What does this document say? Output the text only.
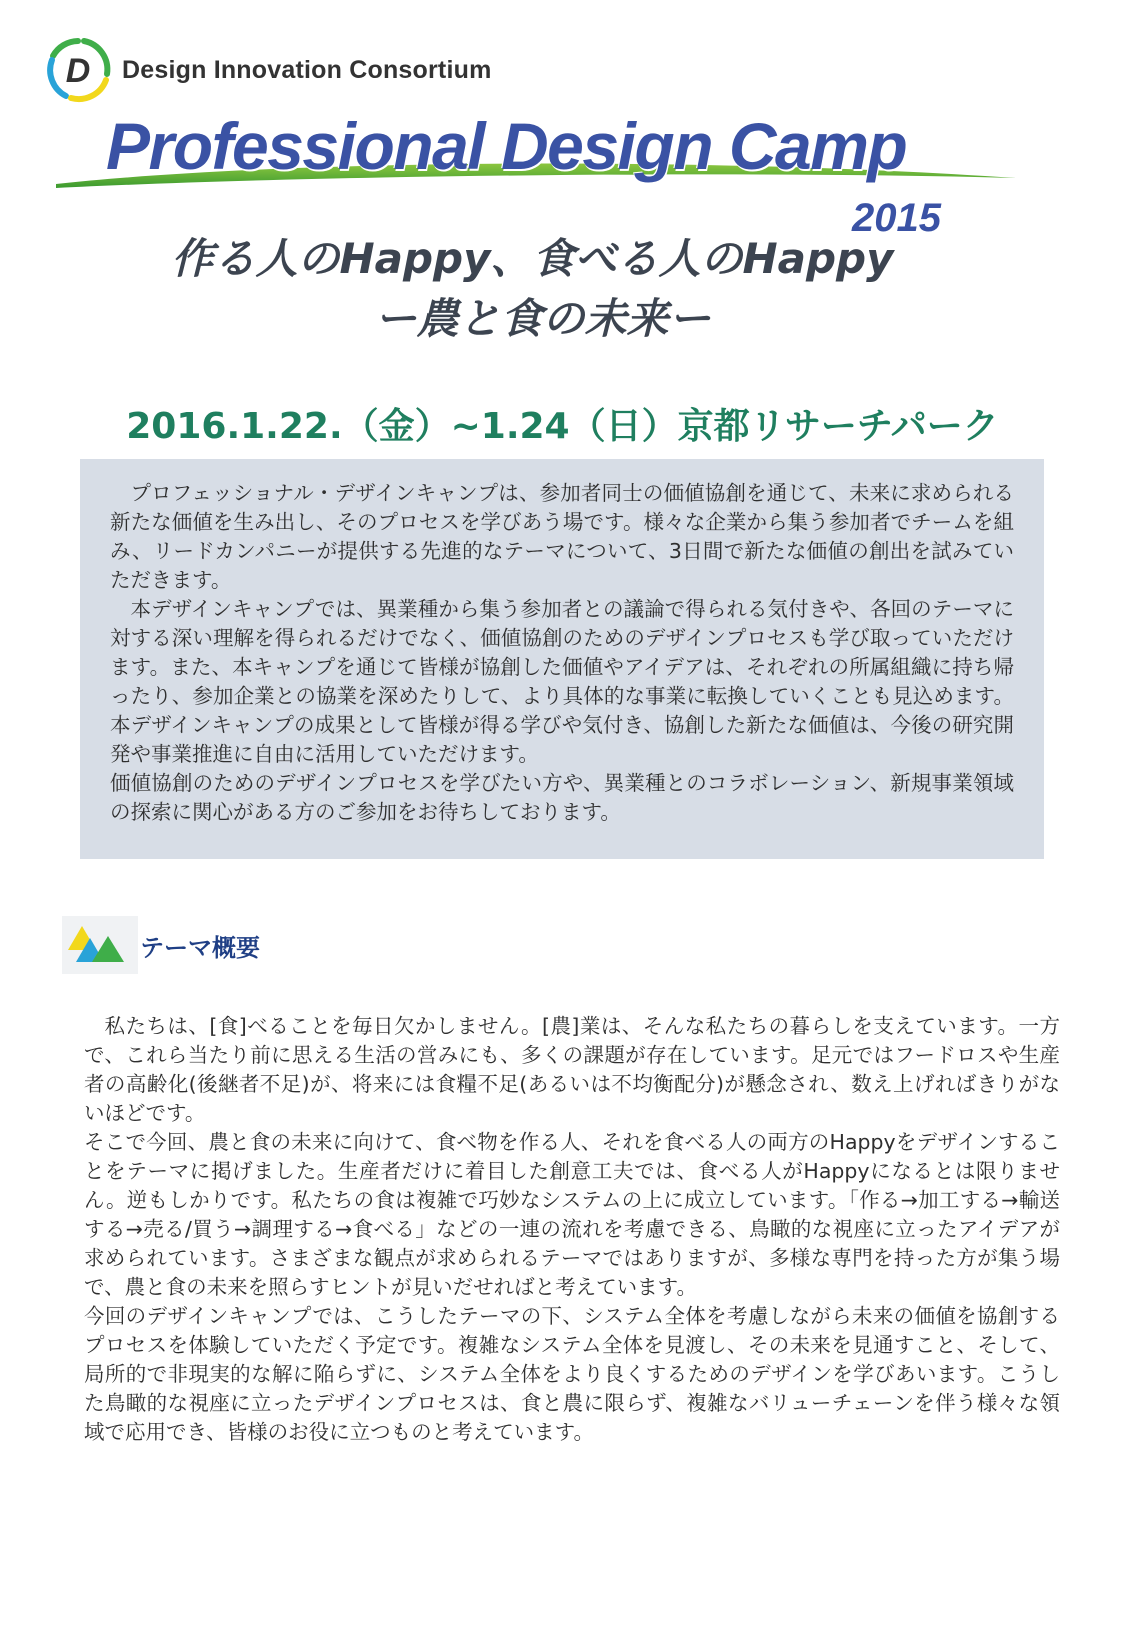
D Design Innovation Consortium
Professional Design Camp
2015
作る人のHappy、食べる人のHappy
ー農と食の未来ー
2016.1.22.（金）~1.24（日）京都リサーチパーク

プロフェッショナル・デザインキャンプは、参加者同士の価値協創を通じて、未来に求められる新たな価値を生み出し、そのプロセスを学びあう場です。様々な企業から集う参加者でチームを組み、リードカンパニーが提供する先進的なテーマについて、3日間で新たな価値の創出を試みていただきます。

本デザインキャンプでは、異業種から集う参加者との議論で得られる気付きや、各回のテーマに対する深い理解を得られるだけでなく、価値協創のためのデザインプロセスも学び取っていただけます。また、本キャンプを通じて皆様が協創した価値やアイデアは、それぞれの所属組織に持ち帰ったり、参加企業との協業を深めたりして、より具体的な事業に転換していくことも見込めます。本デザインキャンプの成果として皆様が得る学びや気付き、協創した新たな価値は、今後の研究開発や事業推進に自由に活用していただけます。

価値協創のためのデザインプロセスを学びたい方や、異業種とのコラボレーション、新規事業領域の探索に関心がある方のご参加をお待ちしております。

テーマ概要

私たちは、[食]べることを毎日欠かしません。[農]業は、そんな私たちの暮らしを支えています。一方で、これら当たり前に思える生活の営みにも、多くの課題が存在しています。足元ではフードロスや生産者の高齢化(後継者不足)が、将来には食糧不足(あるいは不均衡配分)が懸念され、数え上げればきりがないほどです。

そこで今回、農と食の未来に向けて、食べ物を作る人、それを食べる人の両方のHappyをデザインすることをテーマに掲げました。生産者だけに着目した創意工夫では、食べる人がHappyになるとは限りません。逆もしかりです。私たちの食は複雑で巧妙なシステムの上に成立しています。「作る→加工する→輸送する→売る/買う→調理する→食べる」などの一連の流れを考慮できる、鳥瞰的な視座に立ったアイデアが求められています。さまざまな観点が求められるテーマではありますが、多様な専門を持った方が集う場で、農と食の未来を照らすヒントが見いだせればと考えています。

今回のデザインキャンプでは、こうしたテーマの下、システム全体を考慮しながら未来の価値を協創するプロセスを体験していただく予定です。複雑なシステム全体を見渡し、その未来を見通すこと、そして、局所的で非現実的な解に陥らずに、システム全体をより良くするためのデザインを学びあいます。こうした鳥瞰的な視座に立ったデザインプロセスは、食と農に限らず、複雑なバリューチェーンを伴う様々な領域で応用でき、皆様のお役に立つものと考えています。
